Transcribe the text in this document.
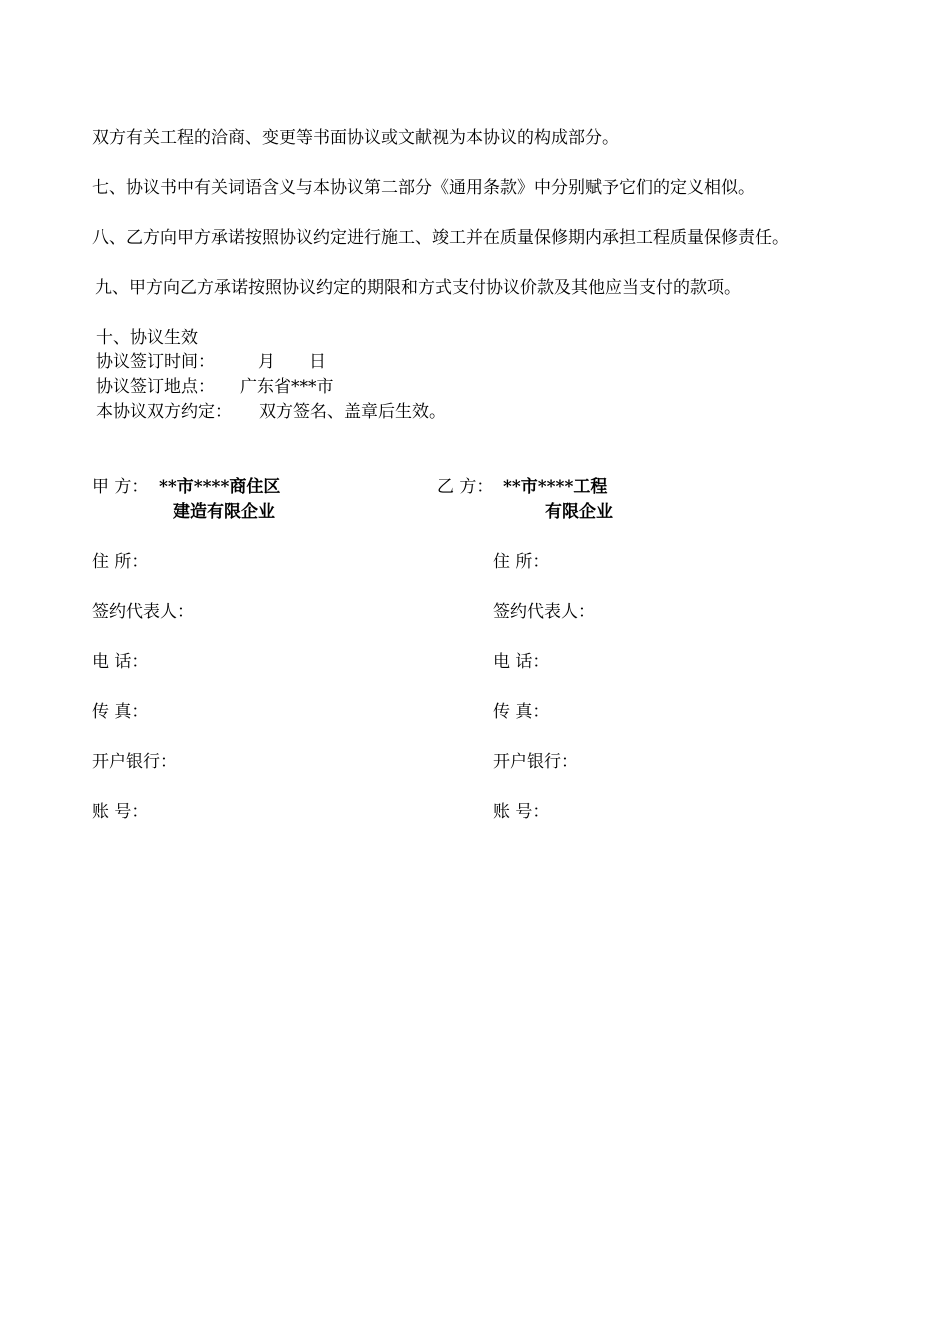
双方有关工程的洽商、变更等书面协议或文献视为本协议的构成部分。
七、协议书中有关词语含义与本协议第二部分《通用条款》中分别赋予它们的定义相似。
八、乙方向甲方承诺按照协议约定进行施工、竣工并在质量保修期内承担工程质量保修责任。
九、甲方向乙方承诺按照协议约定的期限和方式支付协议价款及其他应当支付的款项。
十、协议生效
协议签订时间：	月　　日
协议签订地点： 广东省***市
本协议双方约定： 双方签名、盖章后生效。
甲 方： **市****商住区
建造有限企业
住 所：
签约代表人：
电 话：
传 真：
开户银行：
账 号：
乙 方： **市****工程
有限企业
住 所：
签约代表人：
电 话：
传 真：
开户银行：
账 号：
